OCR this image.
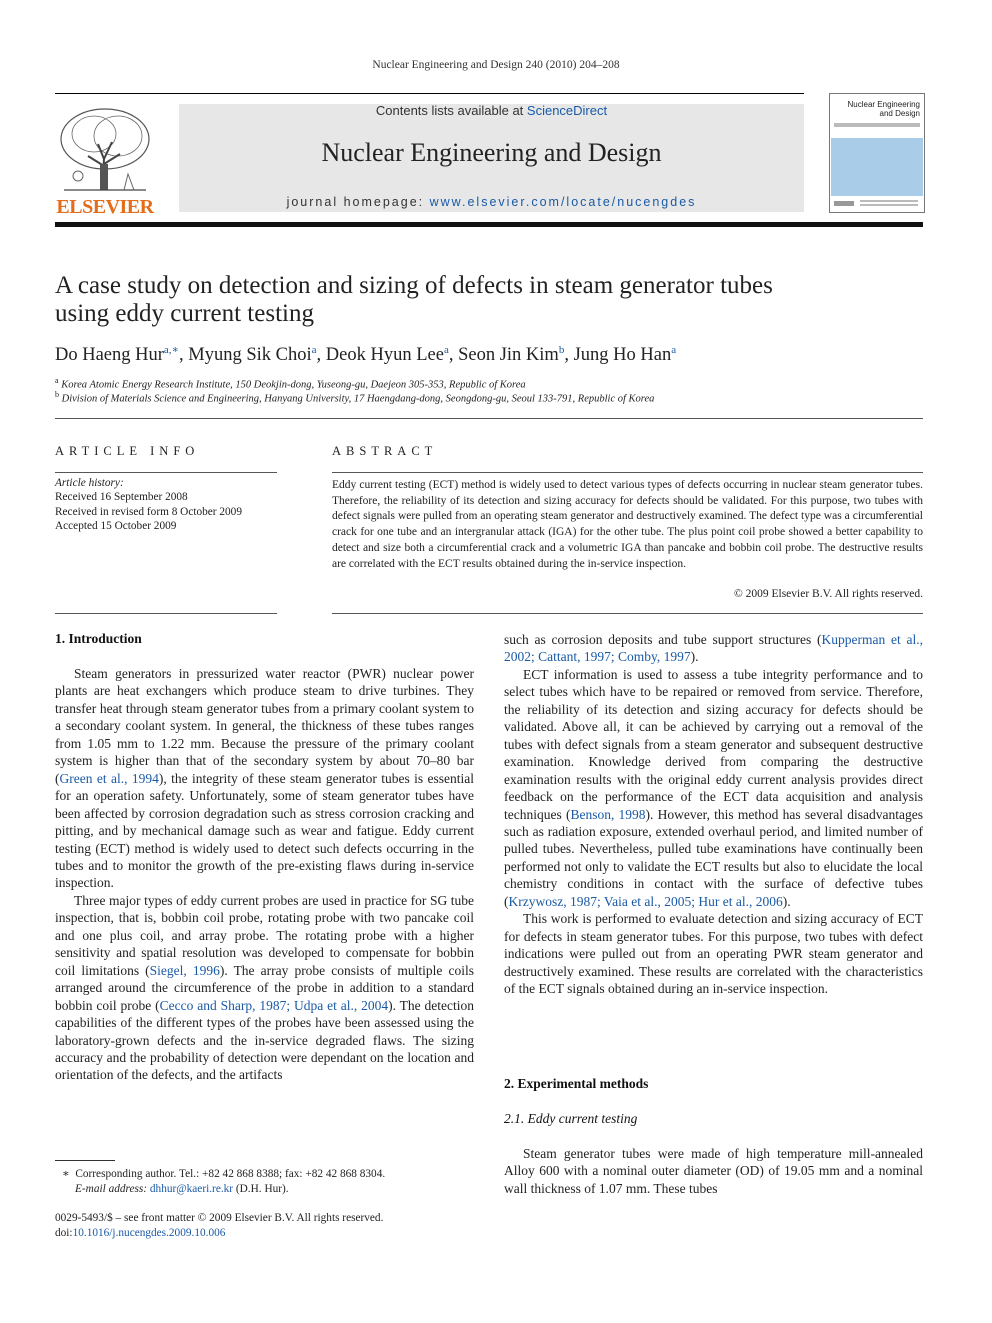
Nuclear Engineering and Design 240 (2010) 204–208
ELSEVIER
Contents lists available at ScienceDirect
Nuclear Engineering and Design
journal homepage: www.elsevier.com/locate/nucengdes
Nuclear Engineering and Design
A case study on detection and sizing of defects in steam generator tubes using eddy current testing
Do Haeng Hur$^{a,∗}$, Myung Sik Choi$^a$, Deok Hyun Lee$^a$, Seon Jin Kim$^b$, Jung Ho Han$^a$
$^a$ Korea Atomic Energy Research Institute, 150 Deokjin-dong, Yuseong-gu, Daejeon 305-353, Republic of Korea
$^b$ Division of Materials Science and Engineering, Hanyang University, 17 Haengdang-dong, Seongdong-gu, Seoul 133-791, Republic of Korea
ARTICLE INFO
Article history:
Received 16 September 2008
Received in revised form 8 October 2009
Accepted 15 October 2009
ABSTRACT
Eddy current testing (ECT) method is widely used to detect various types of defects occurring in nuclear steam generator tubes. Therefore, the reliability of its detection and sizing accuracy for defects should be validated. For this purpose, two tubes with defect signals were pulled from an operating steam generator and destructively examined. The defect type was a circumferential crack for one tube and an intergranular attack (IGA) for the other tube. The plus point coil probe showed a better capability to detect and size both a circumferential crack and a volumetric IGA than pancake and bobbin coil probe. The destructive results are correlated with the ECT results obtained during the in-service inspection.
© 2009 Elsevier B.V. All rights reserved.
1. Introduction

Steam generators in pressurized water reactor (PWR) nuclear power plants are heat exchangers which produce steam to drive turbines. They transfer heat through steam generator tubes from a primary coolant system to a secondary coolant system. In general, the thickness of these tubes ranges from 1.05 mm to 1.22 mm. Because the pressure of the primary coolant system is higher than that of the secondary system by about 70–80 bar (Green et al., 1994), the integrity of these steam generator tubes is essential for an operation safety. Unfortunately, some of steam generator tubes have been affected by corrosion degradation such as stress corrosion cracking and pitting, and by mechanical damage such as wear and fatigue. Eddy current testing (ECT) method is widely used to detect such defects occurring in the tubes and to monitor the growth of the pre-existing flaws during in-service inspection.

Three major types of eddy current probes are used in practice for SG tube inspection, that is, bobbin coil probe, rotating probe with two pancake coil and one plus coil, and array probe. The rotating probe with a higher sensitivity and spatial resolution was developed to compensate for bobbin coil limitations (Siegel, 1996). The array probe consists of multiple coils arranged around the circumference of the probe in addition to a standard bobbin coil probe (Cecco and Sharp, 1987; Udpa et al., 2004). The detection capabilities of the different types of the probes have been assessed using the laboratory-grown defects and the in-service degraded flaws. The sizing accuracy and the probability of detection were dependant on the location and orientation of the defects, and the artifacts

∗ Corresponding author. Tel.: +82 42 868 8388; fax: +82 42 868 8304.
E-mail address: dhhur@kaeri.re.kr (D.H. Hur).
0029-5493/$ – see front matter © 2009 Elsevier B.V. All rights reserved.
doi:10.1016/j.nucengdes.2009.10.006

such as corrosion deposits and tube support structures (Kupperman et al., 2002; Cattant, 1997; Comby, 1997).

ECT information is used to assess a tube integrity performance and to select tubes which have to be repaired or removed from service. Therefore, the reliability of its detection and sizing accuracy for defects should be validated. Above all, it can be achieved by carrying out a removal of the tubes with defect signals from a steam generator and subsequent destructive examination. Knowledge derived from comparing the destructive examination results with the original eddy current analysis provides direct feedback on the performance of the ECT data acquisition and analysis techniques (Benson, 1998). However, this method has several disadvantages such as radiation exposure, extended overhaul period, and limited number of pulled tubes. Nevertheless, pulled tube examinations have continually been performed not only to validate the ECT results but also to elucidate the local chemistry conditions in contact with the surface of defective tubes (Krzywosz, 1987; Vaia et al., 2005; Hur et al., 2006).

This work is performed to evaluate detection and sizing accuracy of ECT for defects in steam generator tubes. For this purpose, two tubes with defect indications were pulled out from an operating PWR steam generator and destructively examined. These results are correlated with the characteristics of the ECT signals obtained during an in-service inspection.

2. Experimental methods
2.1. Eddy current testing

Steam generator tubes were made of high temperature mill-annealed Alloy 600 with a nominal outer diameter (OD) of 19.05 mm and a nominal wall thickness of 1.07 mm. These tubes
